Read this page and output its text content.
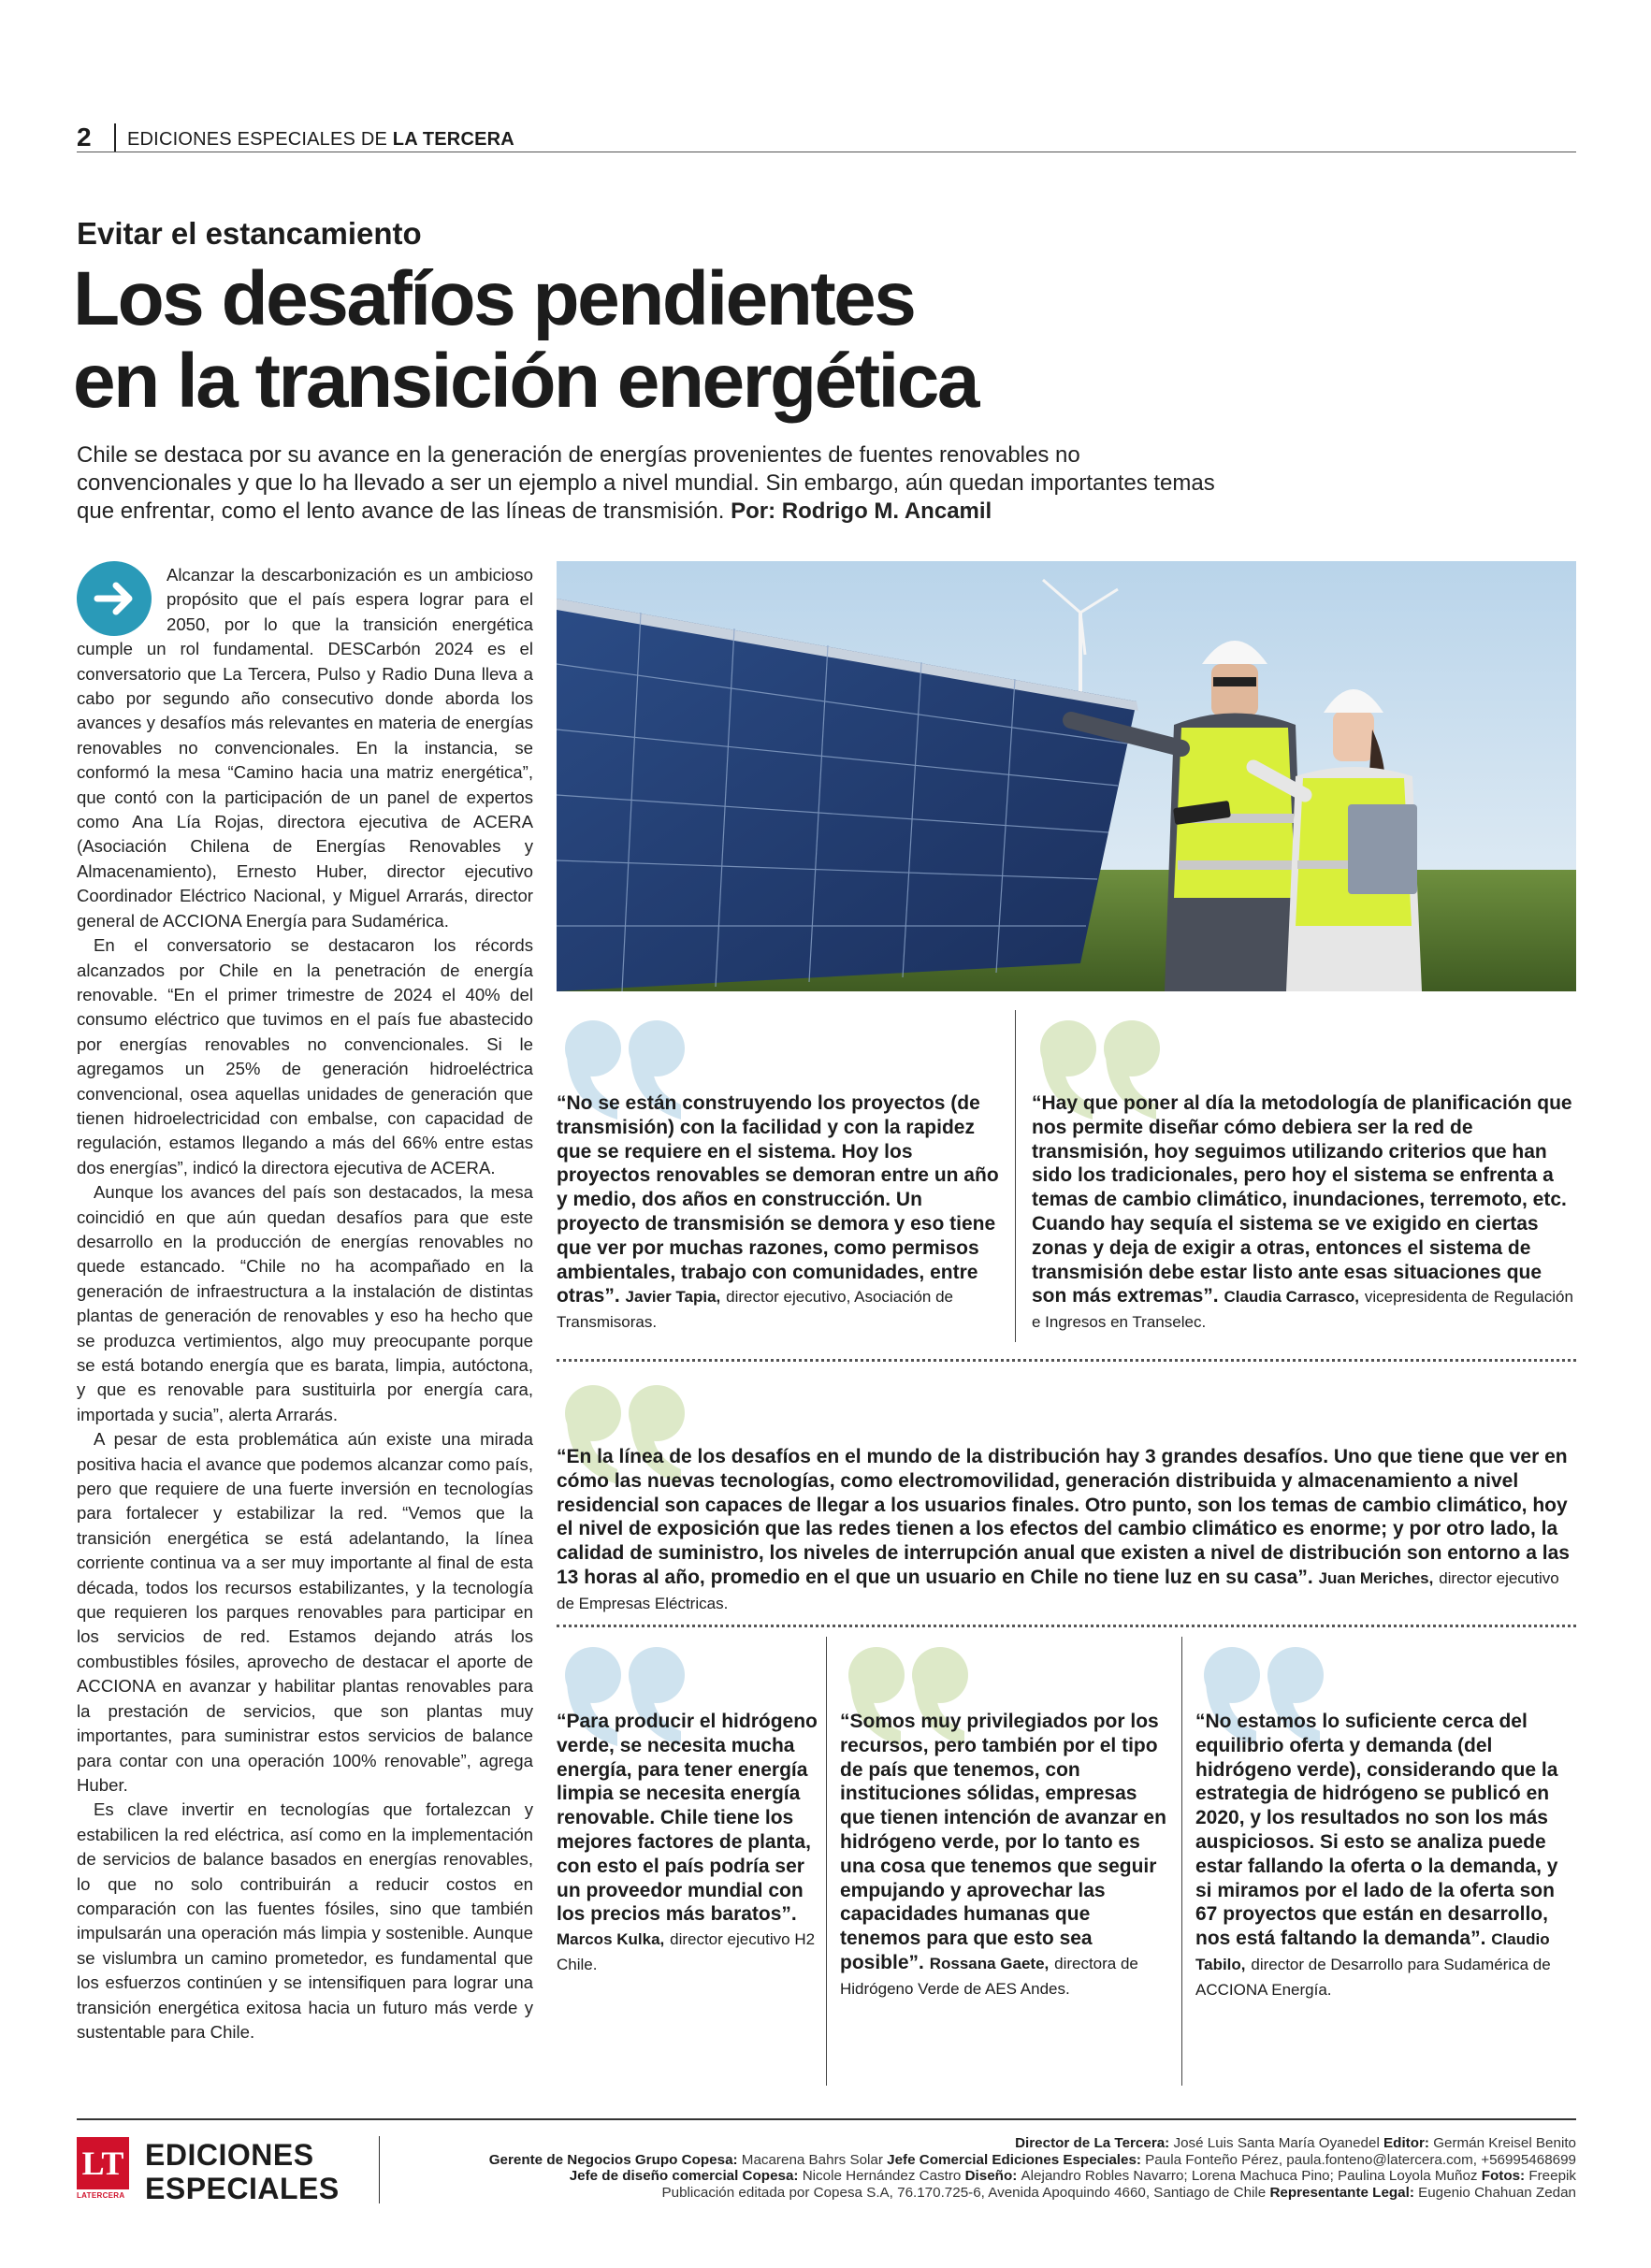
2 EDICIONES ESPECIALES DE LA TERCERA
Evitar el estancamiento
Los desafíos pendientes
en la transición energética
Chile se destaca por su avance en la generación de energías provenientes de fuentes renovables no convencionales y que lo ha llevado a ser un ejemplo a nivel mundial. Sin embargo, aún quedan importantes temas que enfrentar, como el lento avance de las líneas de transmisión. Por: Rodrigo M. Ancamil

Alcanzar la descarbonización es un ambicioso propósito que el país espera lograr para el 2050, por lo que la transición energética cumple un rol fundamental. DESCarbón 2024 es el conversatorio que La Tercera, Pulso y Radio Duna lleva a cabo por segundo año consecutivo donde aborda los avances y desafíos más relevantes en materia de energías renovables no convencionales. En la instancia, se conformó la mesa “Camino hacia una matriz energética”, que contó con la participación de un panel de expertos como Ana Lía Rojas, directora ejecutiva de ACERA (Asociación Chilena de Energías Renovables y Almacenamiento), Ernesto Huber, director ejecutivo Coordinador Eléctrico Nacional, y Miguel Arrarás, director general de ACCIONA Energía para Sudamérica.

En el conversatorio se destacaron los récords alcanzados por Chile en la penetración de energía renovable. “En el primer trimestre de 2024 el 40% del consumo eléctrico que tuvimos en el país fue abastecido por energías renovables no convencionales. Si le agregamos un 25% de generación hidroeléctrica convencional, osea aquellas unidades de generación que tienen hidroelectricidad con embalse, con capacidad de regulación, estamos llegando a más del 66% entre estas dos energías”, indicó la directora ejecutiva de ACERA.

Aunque los avances del país son destacados, la mesa coincidió en que aún quedan desafíos para que este desarrollo en la producción de energías renovables no quede estancado. “Chile no ha acompañado en la generación de infraestructura a la instalación de distintas plantas de generación de renovables y eso ha hecho que se produzca vertimientos, algo muy preocupante porque se está botando energía que es barata, limpia, autóctona, y que es renovable para sustituirla por energía cara, importada y sucia”, alerta Arrarás.

A pesar de esta problemática aún existe una mirada positiva hacia el avance que podemos alcanzar como país, pero que requiere de una fuerte inversión en tecnologías para fortalecer y estabilizar la red. “Vemos que la transición energética se está adelantando, la línea corriente continua va a ser muy importante al final de esta década, todos los recursos estabilizantes, y la tecnología que requieren los parques renovables para participar en los servicios de red. Estamos dejando atrás los combustibles fósiles, aprovecho de destacar el aporte de ACCIONA en avanzar y habilitar plantas renovables para la prestación de servicios, que son plantas muy importantes, para suministrar estos servicios de balance para contar con una operación 100% renovable”, agrega Huber.

Es clave invertir en tecnologías que fortalezcan y estabilicen la red eléctrica, así como en la implementación de servicios de balance basados en energías renovables, lo que no solo contribuirán a reducir costos en comparación con las fuentes fósiles, sino que también impulsarán una operación más limpia y sostenible. Aunque se vislumbra un camino prometedor, es fundamental que los esfuerzos continúen y se intensifiquen para lograr una transición energética exitosa hacia un futuro más verde y sustentable para Chile.

“No se están construyendo los proyectos (de transmisión) con la facilidad y con la rapidez que se requiere en el sistema. Hoy los proyectos renovables se demoran entre un año y medio, dos años en construcción. Un proyecto de transmisión se demora y eso tiene que ver por muchas razones, como permisos ambientales, trabajo con comunidades, entre otras”. Javier Tapia, director ejecutivo, Asociación de Transmisoras.
“Hay que poner al día la metodología de planificación que nos permite diseñar cómo debiera ser la red de transmisión, hoy seguimos utilizando criterios que han sido los tradicionales, pero hoy el sistema se enfrenta a temas de cambio climático, inundaciones, terremoto, etc. Cuando hay sequía el sistema se ve exigido en ciertas zonas y deja de exigir a otras, entonces el sistema de transmisión debe estar listo ante esas situaciones que son más extremas”. Claudia Carrasco, vicepresidenta de Regulación e Ingresos en Transelec.
“En la línea de los desafíos en el mundo de la distribución hay 3 grandes desafíos. Uno que tiene que ver en cómo las nuevas tecnologías, como electromovilidad, generación distribuida y almacenamiento a nivel residencial son capaces de llegar a los usuarios finales. Otro punto, son los temas de cambio climático, hoy el nivel de exposición que las redes tienen a los efectos del cambio climático es enorme; y por otro lado, la calidad de suministro, los niveles de interrupción anual que existen a nivel de distribución son entorno a las 13 horas al año, promedio en el que un usuario en Chile no tiene luz en su casa”. Juan Meriches, director ejecutivo de Empresas Eléctricas.
“Para producir el hidrógeno verde, se necesita mucha energía, para tener energía limpia se necesita energía renovable. Chile tiene los mejores factores de planta, con esto el país podría ser un proveedor mundial con los precios más baratos”. Marcos Kulka, director ejecutivo H2 Chile.
“Somos muy privilegiados por los recursos, pero también por el tipo de país que tenemos, con instituciones sólidas, empresas que tienen intención de avanzar en hidrógeno verde, por lo tanto es una cosa que tenemos que seguir empujando y aprovechar las capacidades humanas que tenemos para que esto sea posible”. Rossana Gaete, directora de Hidrógeno Verde de AES Andes.
“No estamos lo suficiente cerca del equilibrio oferta y demanda (del hidrógeno verde), considerando que la estrategia de hidrógeno se publicó en 2020, y los resultados no son los más auspiciosos. Si esto se analiza puede estar fallando la oferta o la demanda, y si miramos por el lado de la oferta son 67 proyectos que están en desarrollo, nos está faltando la demanda”. Claudio Tabilo, director de Desarrollo para Sudamérica de ACCIONA Energía.
LT
LATERCERA
EDICIONES
ESPECIALES
Director de La Tercera: José Luis Santa María Oyanedel Editor: Germán Kreisel Benito
Gerente de Negocios Grupo Copesa: Macarena Bahrs Solar Jefe Comercial Ediciones Especiales: Paula Fonteño Pérez, paula.fonteno@latercera.com, +56995468699
Jefe de diseño comercial Copesa: Nicole Hernández Castro Diseño: Alejandro Robles Navarro; Lorena Machuca Pino; Paulina Loyola Muñoz Fotos: Freepik
Publicación editada por Copesa S.A, 76.170.725-6, Avenida Apoquindo 4660, Santiago de Chile Representante Legal: Eugenio Chahuan Zedan
